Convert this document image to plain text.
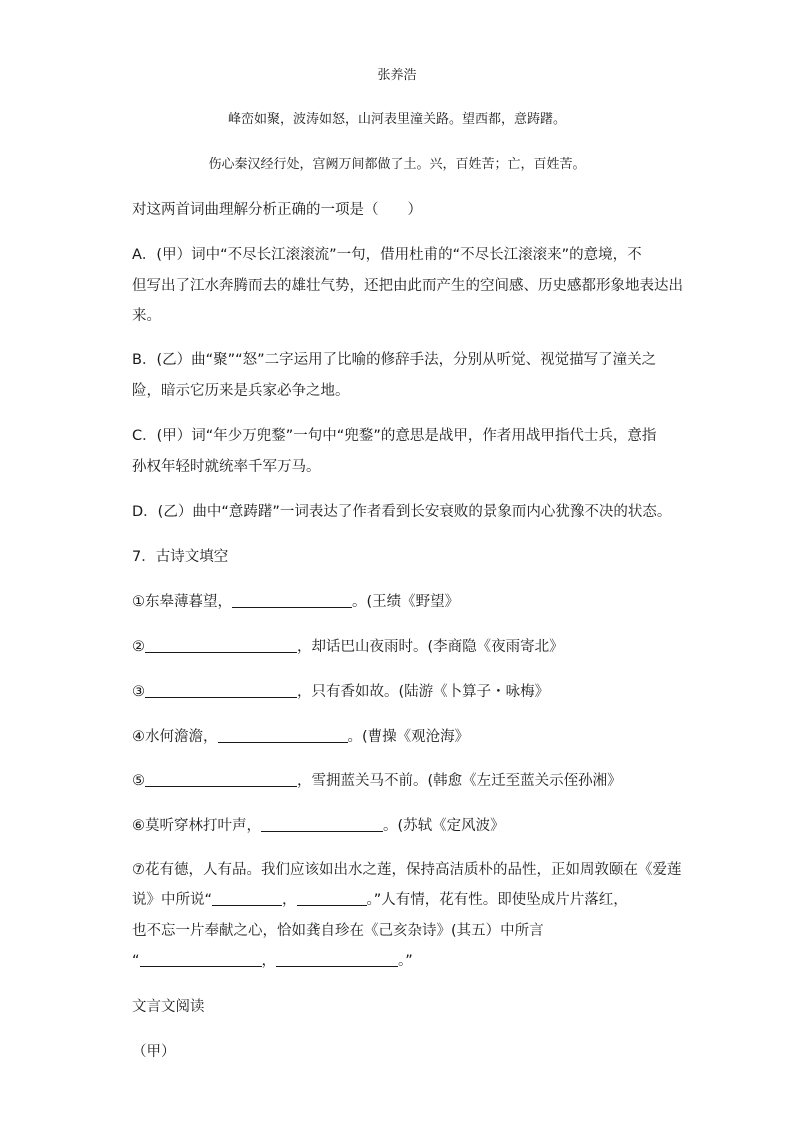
张养浩
峰峦如聚，波涛如怒，山河表里潼关路。望西都，意踌躇。
伤心秦汉经行处，宫阙万间都做了土。兴，百姓苦；亡，百姓苦。
对这两首词曲理解分析正确的一项是（　　）
A．(甲）词中“不尽长江滚滚流”一句，借用杜甫的“不尽长江滚滚来”的意境，不
但写出了江水奔腾而去的雄壮气势，还把由此而产生的空间感、历史感都形象地表达出
来。
B．(乙）曲“聚”“怒”二字运用了比喻的修辞手法，分别从听觉、视觉描写了潼关之
险，暗示它历来是兵家必争之地。
C．(甲）词“年少万兜鍪”一句中“兜鍪”的意思是战甲，作者用战甲指代士兵，意指
孙权年轻时就统率千军万马。
D．(乙）曲中“意踌躇”一词表达了作者看到长安衰败的景象而内心犹豫不决的状态。
7．古诗文填空
①东皋薄暮望，	。(王绩《野望》
②	，却话巴山夜雨时。(李商隐《夜雨寄北》
③	，只有香如故。(陆游《卜算子・咏梅》
④水何澹澹，	。(曹操《观沧海》
⑤	，雪拥蓝关马不前。(韩愈《左迁至蓝关示侄孙湘》
⑥莫听穿林打叶声，	。(苏轼《定风波》
⑦花有德，人有品。我们应该如出水之莲，保持高洁质朴的品性，正如周敦颐在《爱莲
说》中所说“	，	。”人有情，花有性。即使坠成片片落红，
也不忘一片奉献之心，恰如龚自珍在《己亥杂诗》(其五）中所言
“	，	。”
文言文阅读
（甲）
